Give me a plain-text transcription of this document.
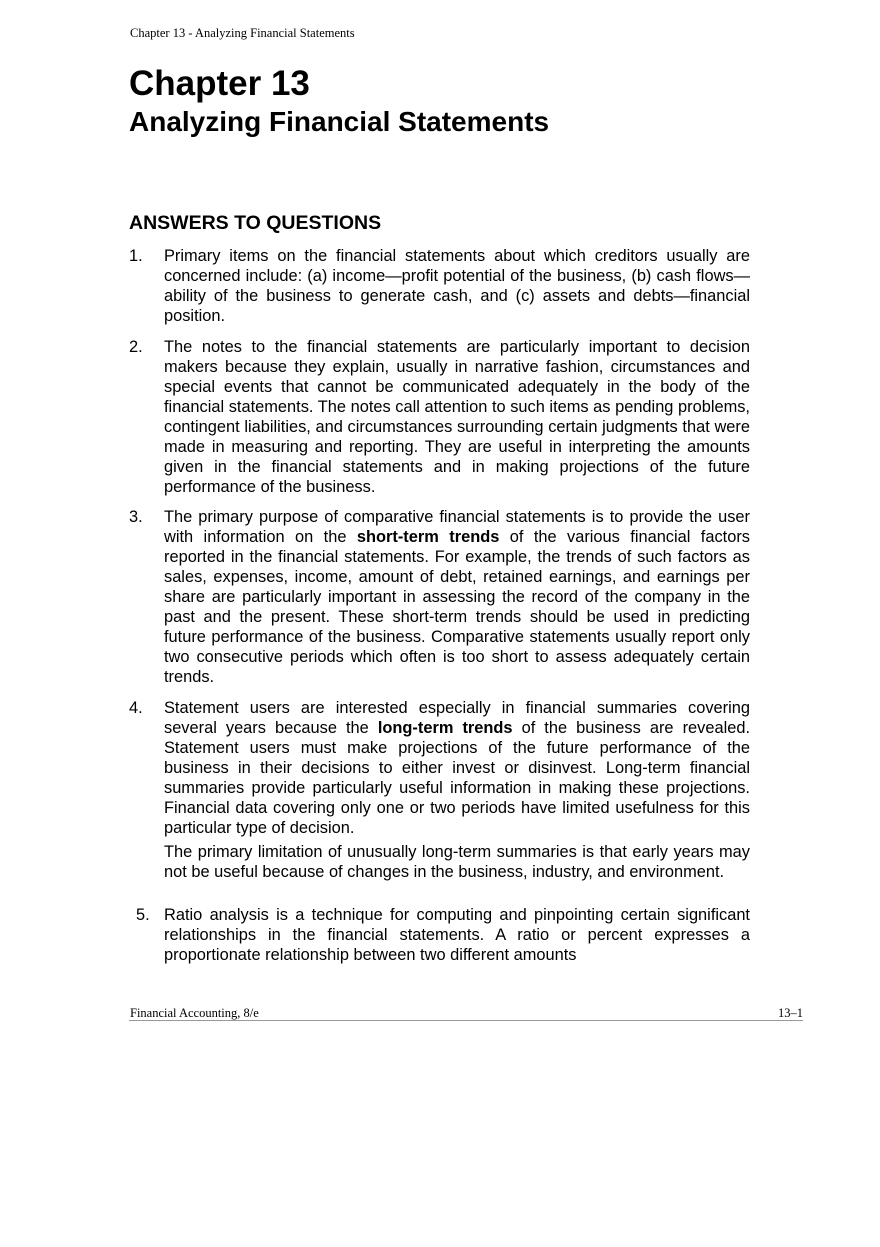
Chapter 13 - Analyzing Financial Statements
Chapter 13
Analyzing Financial Statements
ANSWERS TO QUESTIONS
1. Primary items on the financial statements about which creditors usually are concerned include: (a) income—profit potential of the business, (b) cash flows—ability of the business to generate cash, and (c) assets and debts—financial position.

2. The notes to the financial statements are particularly important to decision makers because they explain, usually in narrative fashion, circumstances and special events that cannot be communicated adequately in the body of the financial statements. The notes call attention to such items as pending problems, contingent liabilities, and circumstances surrounding certain judgments that were made in measuring and reporting. They are useful in interpreting the amounts given in the financial statements and in making projections of the future performance of the business.

3. The primary purpose of comparative financial statements is to provide the user with information on the short-term trends of the various financial factors reported in the financial statements. For example, the trends of such factors as sales, expenses, income, amount of debt, retained earnings, and earnings per share are particularly important in assessing the record of the company in the past and the present. These short-term trends should be used in predicting future performance of the business. Comparative statements usually report only two consecutive periods which often is too short to assess adequately certain trends.

4. Statement users are interested especially in financial summaries covering several years because the long-term trends of the business are revealed. Statement users must make projections of the future performance of the business in their decisions to either invest or disinvest. Long-term financial summaries provide particularly useful information in making these projections. Financial data covering only one or two periods have limited usefulness for this particular type of decision.

The primary limitation of unusually long-term summaries is that early years may not be useful because of changes in the business, industry, and environment.

5. Ratio analysis is a technique for computing and pinpointing certain significant relationships in the financial statements. A ratio or percent expresses a proportionate relationship between two different amounts

Financial Accounting, 8/e	13–1
